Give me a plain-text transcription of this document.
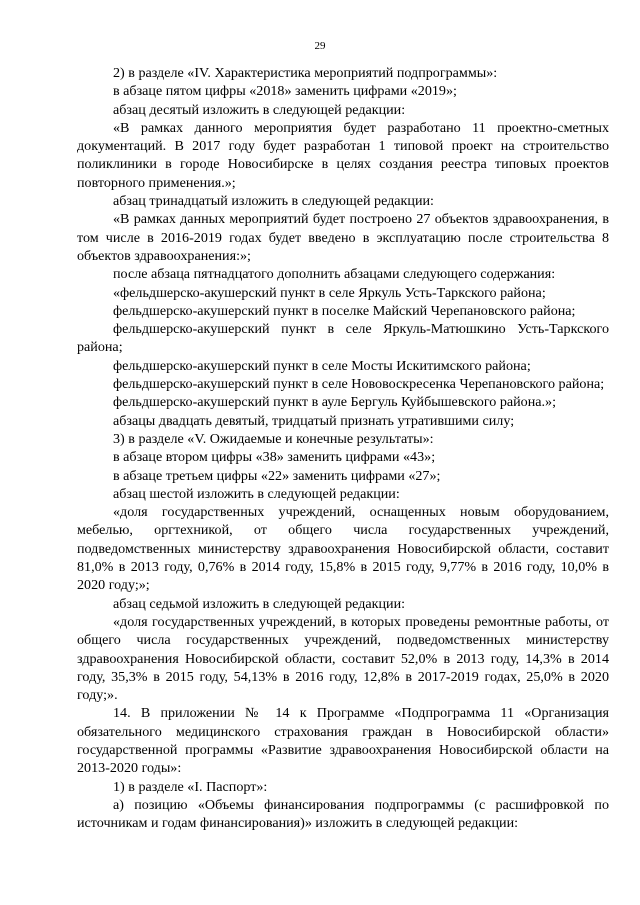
29

2) в разделе «IV. Характеристика мероприятий подпрограммы»:

в абзаце пятом цифры «2018» заменить цифрами «2019»;

абзац десятый изложить в следующей редакции:

«В рамках данного мероприятия будет разработано 11 проектно-сметных документаций. В 2017 году будет разработан 1 типовой проект на строительство поликлиники в городе Новосибирске в целях создания реестра типовых проектов повторного применения.»;

абзац тринадцатый изложить в следующей редакции:

«В рамках данных мероприятий будет построено 27 объектов здравоохранения, в том числе в 2016-2019 годах будет введено в эксплуатацию после строительства 8 объектов здравоохранения:»;

после абзаца пятнадцатого дополнить абзацами следующего содержания:

«фельдшерско-акушерский пункт в селе Яркуль Усть-Таркского района;

фельдшерско-акушерский пункт в поселке Майский Черепановского района;

фельдшерско-акушерский пункт в селе Яркуль-Матюшкино Усть-Таркского района;

фельдшерско-акушерский пункт в селе Мосты Искитимского района;

фельдшерско-акушерский пункт в селе Нововоскресенка Черепановского района;

фельдшерско-акушерский пункт в ауле Бергуль Куйбышевского района.»;

абзацы двадцать девятый, тридцатый признать утратившими силу;

3) в разделе «V. Ожидаемые и конечные результаты»:

в абзаце втором цифры «38» заменить цифрами «43»;

в абзаце третьем цифры «22» заменить цифрами «27»;

абзац шестой изложить в следующей редакции:

«доля государственных учреждений, оснащенных новым оборудованием, мебелью, оргтехникой, от общего числа государственных учреждений, подведомственных министерству здравоохранения Новосибирской области, составит 81,0% в 2013 году, 0,76% в 2014 году, 15,8% в 2015 году, 9,77% в 2016 году, 10,0% в 2020 году;»;

абзац седьмой изложить в следующей редакции:

«доля государственных учреждений, в которых проведены ремонтные работы, от общего числа государственных учреждений, подведомственных министерству здравоохранения Новосибирской области, составит 52,0% в 2013 году, 14,3% в 2014 году, 35,3% в 2015 году, 54,13% в 2016 году, 12,8% в 2017-2019 годах, 25,0% в 2020 году;».

14. В приложении № 14 к Программе «Подпрограмма 11 «Организация обязательного медицинского страхования граждан в Новосибирской области» государственной программы «Развитие здравоохранения Новосибирской области на 2013-2020 годы»:

1) в разделе «I. Паспорт»:

а) позицию «Объемы финансирования подпрограммы (с расшифровкой по источникам и годам финансирования)» изложить в следующей редакции:
